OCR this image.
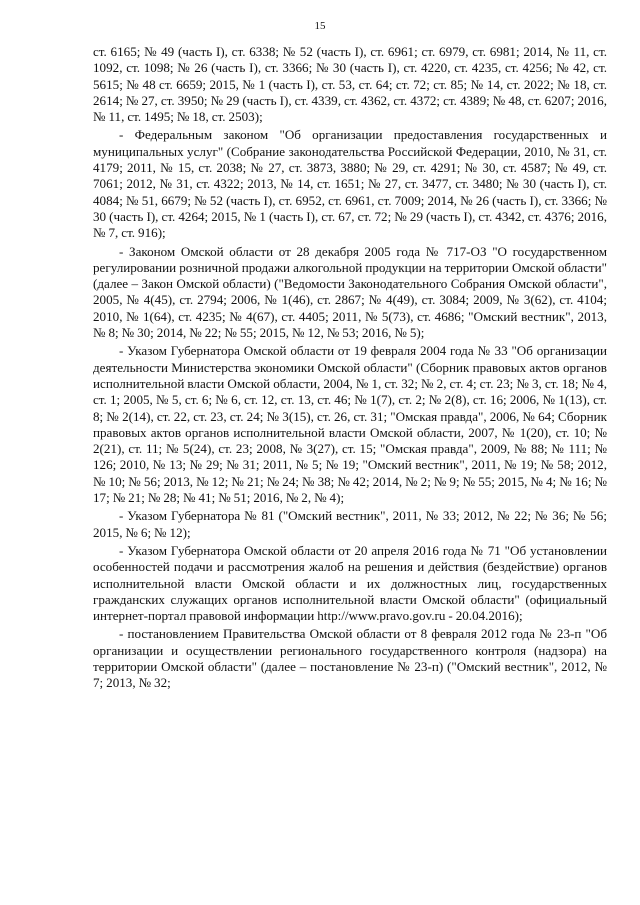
15

ст. 6165; № 49 (часть I), ст. 6338; № 52 (часть I), ст. 6961; ст. 6979, ст. 6981; 2014, № 11, ст. 1092, ст. 1098; № 26 (часть I), ст. 3366; № 30 (часть I), ст. 4220, ст. 4235, ст. 4256; № 42, ст. 5615; № 48 ст. 6659; 2015, № 1 (часть I), ст. 53, ст. 64; ст. 72; ст. 85; № 14, ст. 2022; № 18, ст. 2614; № 27, ст. 3950; № 29 (часть I), ст. 4339, ст. 4362, ст. 4372; ст. 4389; № 48, ст. 6207; 2016, № 11, ст. 1495; № 18, ст. 2503);

- Федеральным законом "Об организации предоставления государственных и муниципальных услуг" (Собрание законодательства Российской Федерации, 2010, № 31, ст. 4179; 2011, № 15, ст. 2038; № 27, ст. 3873, 3880; № 29, ст. 4291; № 30, ст. 4587; № 49, ст. 7061; 2012, № 31, ст. 4322; 2013, № 14, ст. 1651; № 27, ст. 3477, ст. 3480; № 30 (часть I), ст. 4084; № 51, 6679; № 52 (часть I), ст. 6952, ст. 6961, ст. 7009; 2014, № 26 (часть I), ст. 3366; № 30 (часть I), ст. 4264; 2015, № 1 (часть I), ст. 67, ст. 72; № 29 (часть I), ст. 4342, ст. 4376; 2016, № 7, ст. 916);

- Законом Омской области от 28 декабря 2005 года № 717-ОЗ "О государственном регулировании розничной продажи алкогольной продукции на территории Омской области" (далее – Закон Омской области) ("Ведомости Законодательного Собрания Омской области", 2005, № 4(45), ст. 2794; 2006, № 1(46), ст. 2867; № 4(49), ст. 3084; 2009, № 3(62), ст. 4104; 2010, № 1(64), ст. 4235; № 4(67), ст. 4405; 2011, № 5(73), ст. 4686; "Омский вестник", 2013, № 8; № 30; 2014, № 22; № 55; 2015, № 12, № 53; 2016, № 5);

- Указом Губернатора Омской области от 19 февраля 2004 года № 33 "Об организации деятельности Министерства экономики Омской области" (Сборник правовых актов органов исполнительной власти Омской области, 2004, № 1, ст. 32; № 2, ст. 4; ст. 23; № 3, ст. 18; № 4, ст. 1; 2005, № 5, ст. 6; № 6, ст. 12, ст. 13, ст. 46; № 1(7), ст. 2; № 2(8), ст. 16; 2006, № 1(13), ст. 8; № 2(14), ст. 22, ст. 23, ст. 24; № 3(15), ст. 26, ст. 31; "Омская правда", 2006, № 64; Сборник правовых актов органов исполнительной власти Омской области, 2007, № 1(20), ст. 10; № 2(21), ст. 11; № 5(24), ст. 23; 2008, № 3(27), ст. 15; "Омская правда", 2009, № 88; № 111; № 126; 2010, № 13; № 29; № 31; 2011, № 5; № 19; "Омский вестник", 2011, № 19; № 58; 2012, № 10; № 56; 2013, № 12; № 21; № 24; № 38; № 42; 2014, № 2; № 9; № 55; 2015, № 4; № 16; № 17; № 21; № 28; № 41; № 51; 2016, № 2, № 4);

- Указом Губернатора № 81 ("Омский вестник", 2011, № 33; 2012, № 22; № 36; № 56; 2015, № 6; № 12);

- Указом Губернатора Омской области от 20 апреля 2016 года № 71 "Об установлении особенностей подачи и рассмотрения жалоб на решения и действия (бездействие) органов исполнительной власти Омской области и их должностных лиц, государственных гражданских служащих органов исполнительной власти Омской области" (официальный интернет-портал правовой информации http://www.pravo.gov.ru - 20.04.2016);

- постановлением Правительства Омской области от 8 февраля 2012 года № 23-п "Об организации и осуществлении регионального государственного контроля (надзора) на территории Омской области" (далее – постановление № 23-п) ("Омский вестник", 2012, № 7; 2013, № 32;
